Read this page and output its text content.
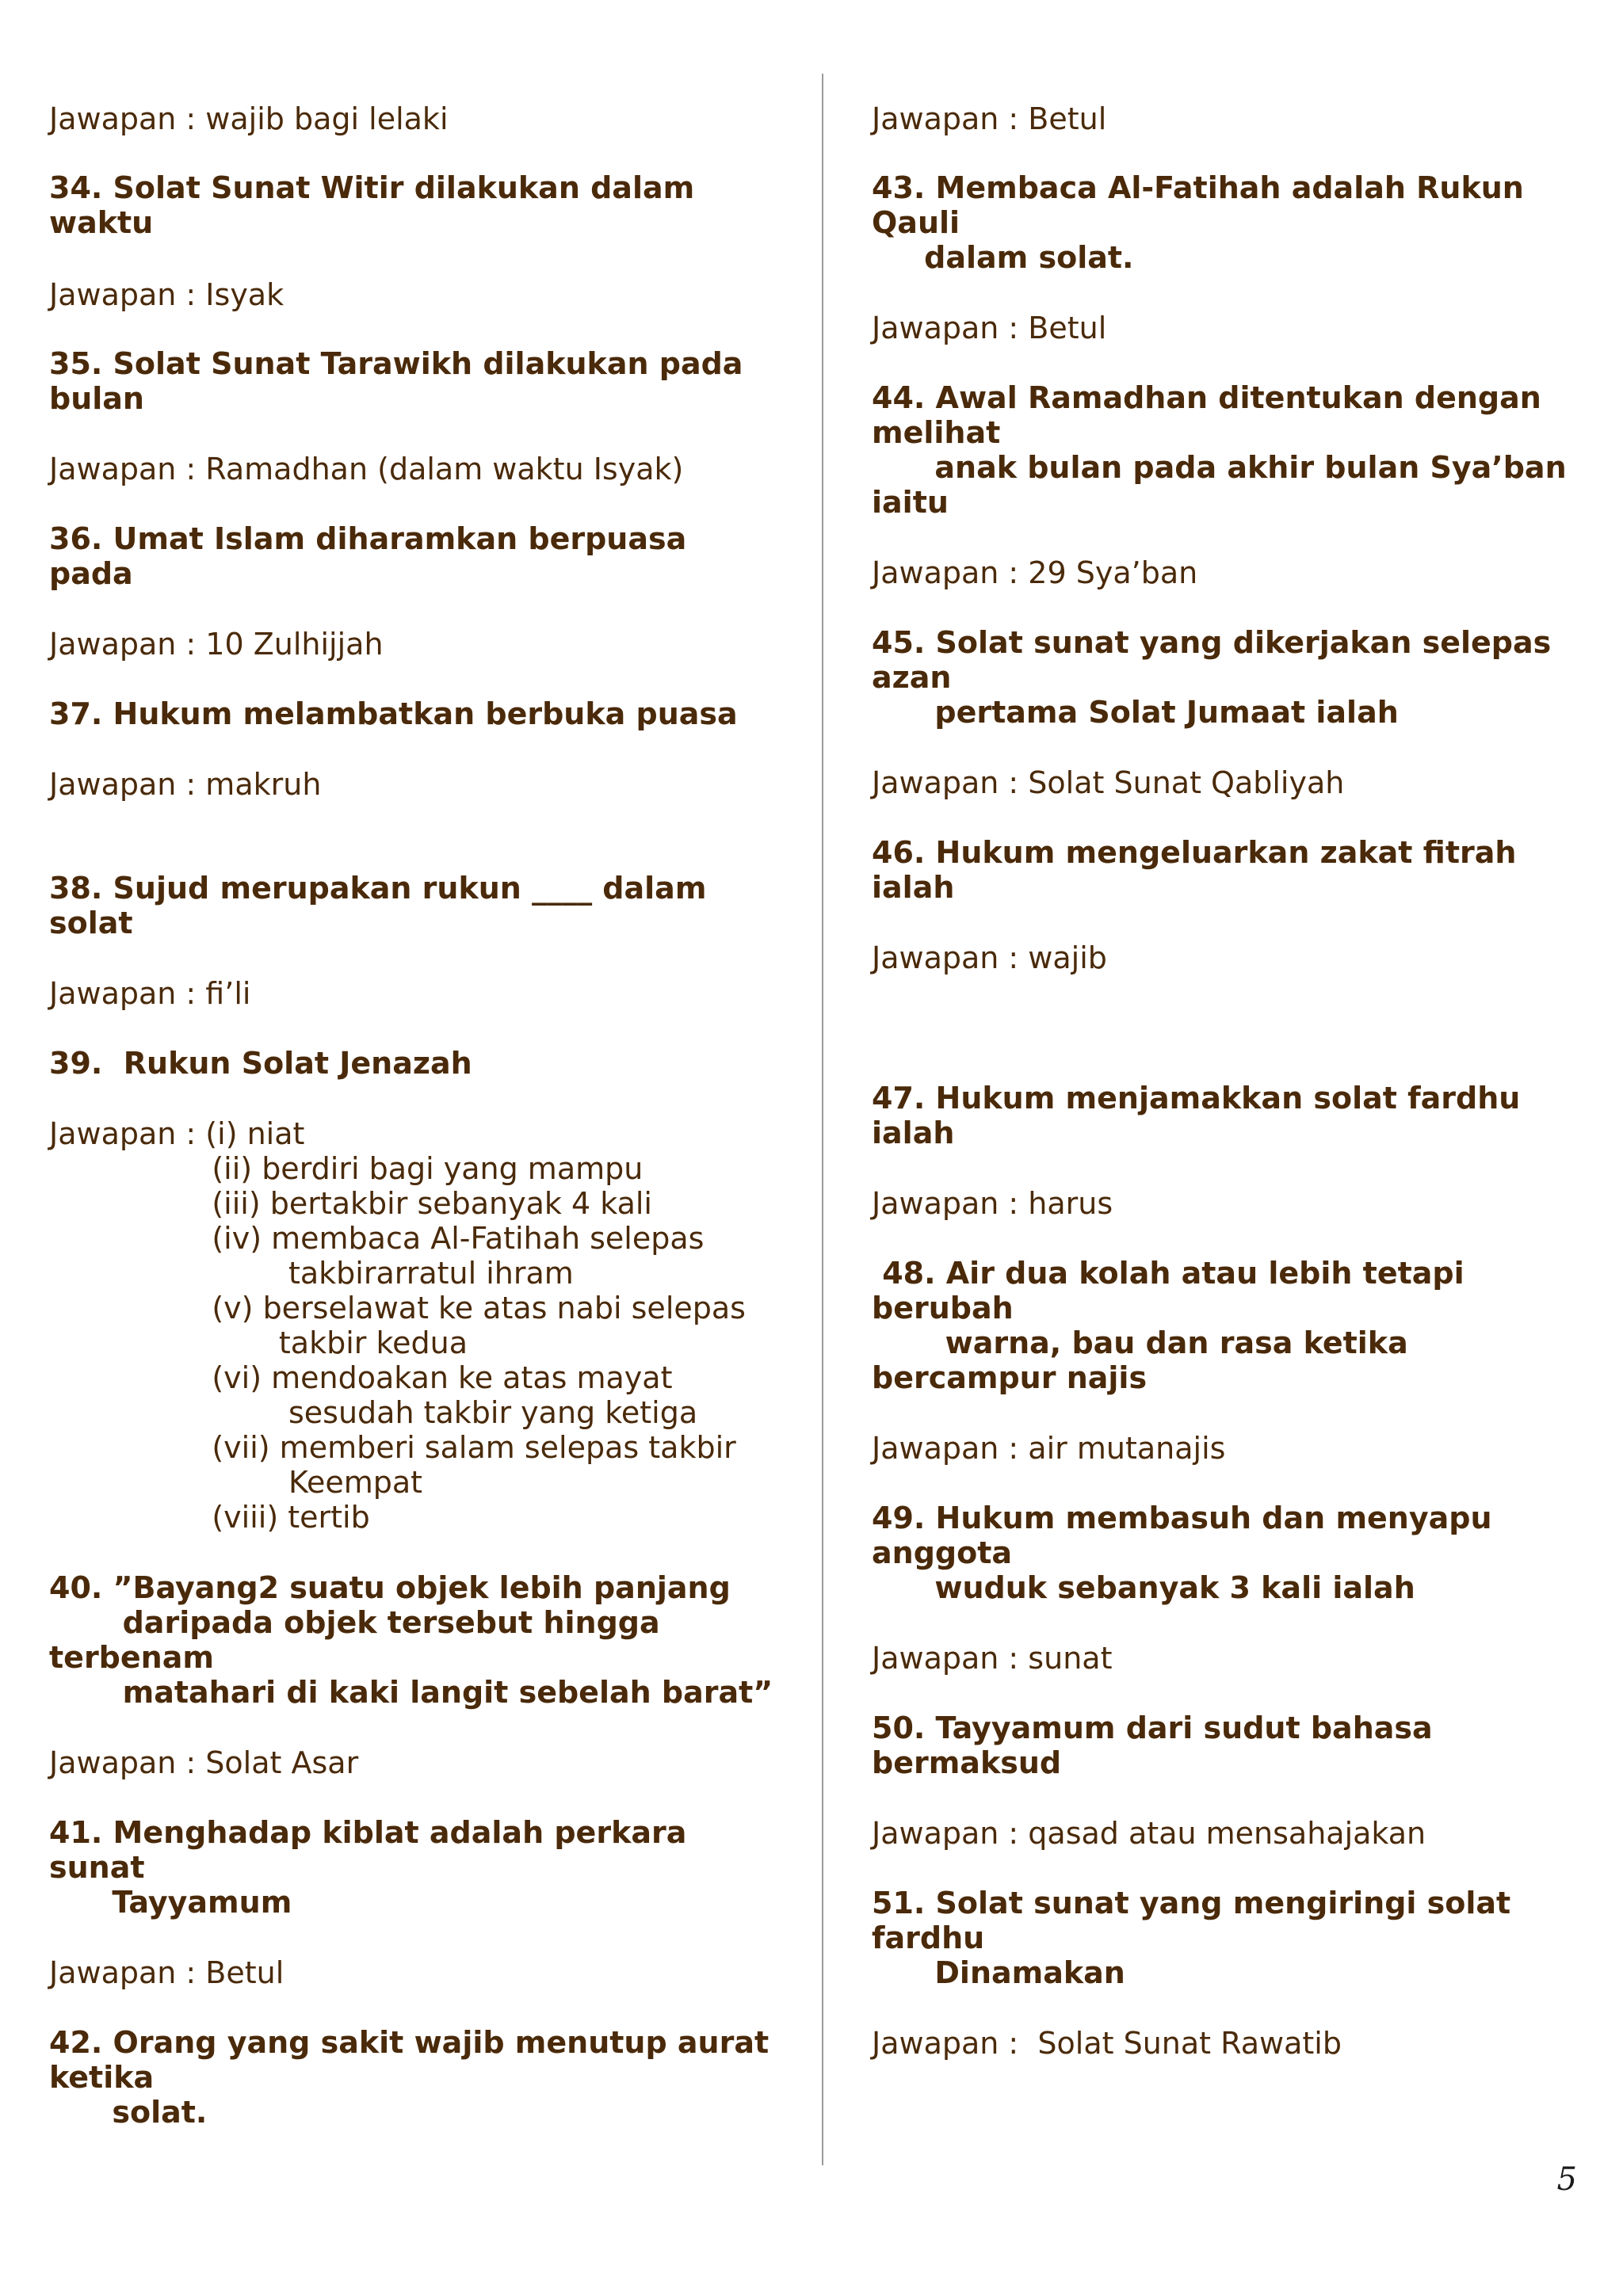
Jawapan : wajib bagi lelaki
34. Solat Sunat Witir dilakukan dalam
waktu
Jawapan : Isyak
35. Solat Sunat Tarawikh dilakukan pada
bulan
Jawapan : Ramadhan (dalam waktu Isyak)
36. Umat Islam diharamkan berpuasa
pada
Jawapan : 10 Zulhijjah
37. Hukum melambatkan berbuka puasa
Jawapan : makruh
38. Sujud merupakan rukun ____ dalam
solat
Jawapan : fi’li
39.  Rukun Solat Jenazah
Jawapan : (i) niat
(ii) berdiri bagi yang mampu
(iii) bertakbir sebanyak 4 kali
(iv) membaca Al-Fatihah selepas
takbirarratul ihram
(v) berselawat ke atas nabi selepas
takbir kedua
(vi) mendoakan ke atas mayat
sesudah takbir yang ketiga
(vii) memberi salam selepas takbir
Keempat
(viii) tertib
40. ”Bayang2 suatu objek lebih panjang
daripada objek tersebut hingga
terbenam
matahari di kaki langit sebelah barat”
Jawapan : Solat Asar
41. Menghadap kiblat adalah perkara
sunat
Tayyamum
Jawapan : Betul
42. Orang yang sakit wajib menutup aurat
ketika
solat.
Jawapan : Betul
43. Membaca Al-Fatihah adalah Rukun
Qauli
dalam solat.
Jawapan : Betul
44. Awal Ramadhan ditentukan dengan
melihat
anak bulan pada akhir bulan Sya’ban
iaitu
Jawapan : 29 Sya’ban
45. Solat sunat yang dikerjakan selepas
azan
pertama Solat Jumaat ialah
Jawapan : Solat Sunat Qabliyah
46. Hukum mengeluarkan zakat fitrah
ialah
Jawapan : wajib
47. Hukum menjamakkan solat fardhu
ialah
Jawapan : harus
48. Air dua kolah atau lebih tetapi
berubah
warna, bau dan rasa ketika
bercampur najis
Jawapan : air mutanajis
49. Hukum membasuh dan menyapu
anggota
wuduk sebanyak 3 kali ialah
Jawapan : sunat
50. Tayyamum dari sudut bahasa
bermaksud
Jawapan : qasad atau mensahajakan
51. Solat sunat yang mengiringi solat
fardhu
Dinamakan
Jawapan :  Solat Sunat Rawatib
5
